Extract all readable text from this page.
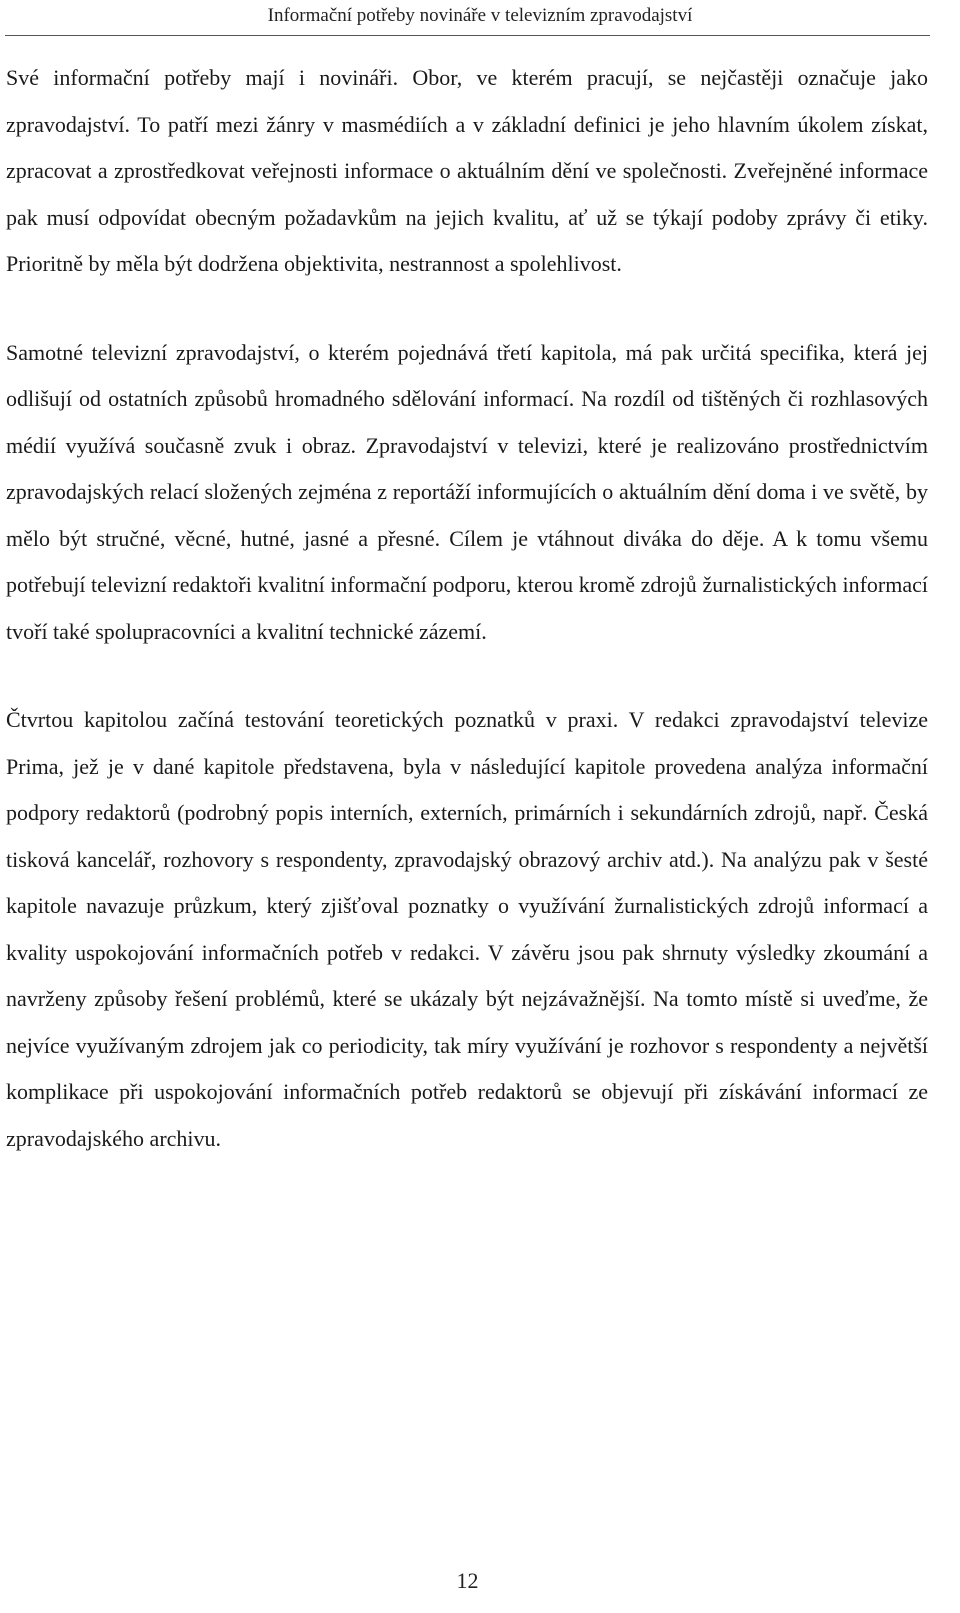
Informační potřeby novináře v televizním zpravodajství

Své informační potřeby mají i novináři. Obor, ve kterém pracují, se nejčastěji označuje jako zpravodajství. To patří mezi žánry v masmédiích a v základní definici je jeho hlavním úkolem získat, zpracovat a zprostředkovat veřejnosti informace o aktuálním dění ve společnosti. Zveřejněné informace pak musí odpovídat obecným požadavkům na jejich kvalitu, ať už se týkají podoby zprávy či etiky. Prioritně by měla být dodržena objektivita, nestrannost a spolehlivost.

Samotné televizní zpravodajství, o kterém pojednává třetí kapitola, má pak určitá specifika, která jej odlišují od ostatních způsobů hromadného sdělování informací. Na rozdíl od tištěných či rozhlasových médií využívá současně zvuk i obraz. Zpravodajství v televizi, které je realizováno prostřednictvím zpravodajských relací složených zejména z reportáží informujících o aktuálním dění doma i ve světě, by mělo být stručné, věcné, hutné, jasné a přesné. Cílem je vtáhnout diváka do děje. A k tomu všemu potřebují televizní redaktoři kvalitní informační podporu, kterou kromě zdrojů žurnalistických informací tvoří také spolupracovníci a kvalitní technické zázemí.

Čtvrtou kapitolou začíná testování teoretických poznatků v praxi. V redakci zpravodajství televize Prima, jež je v dané kapitole představena, byla v následující kapitole provedena analýza informační podpory redaktorů (podrobný popis interních, externích, primárních i sekundárních zdrojů, např. Česká tisková kancelář, rozhovory s respondenty, zpravodajský obrazový archiv atd.). Na analýzu pak v šesté kapitole navazuje průzkum, který zjišťoval poznatky o využívání žurnalistických zdrojů informací a kvality uspokojování informačních potřeb v redakci. V závěru jsou pak shrnuty výsledky zkoumání a navrženy způsoby řešení problémů, které se ukázaly být nejzávažnější. Na tomto místě si uveďme, že nejvíce využívaným zdrojem jak co periodicity, tak míry využívání je rozhovor s respondenty a největší komplikace při uspokojování informačních potřeb redaktorů se objevují při získávání informací ze zpravodajského archivu.

12
